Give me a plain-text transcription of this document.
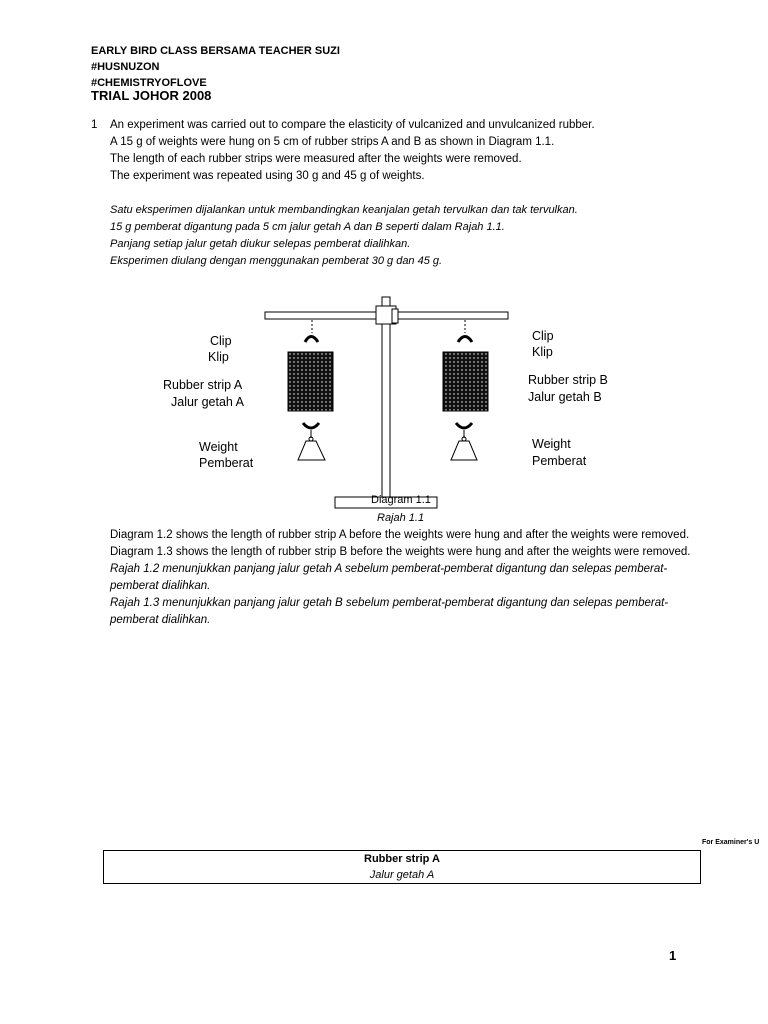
EARLY BIRD CLASS BERSAMA TEACHER SUZI
#HUSNUZON
#CHEMISTRYOFLOVE
TRIAL JOHOR 2008
1 An experiment was carried out to compare the elasticity of vulcanized and unvulcanized rubber.
A 15 g of weights were hung on 5 cm of rubber strips A and B as shown in Diagram 1.1.
The length of each rubber strips were measured after the weights were removed.
The experiment was repeated using 30 g and 45 g of weights.
Satu eksperimen dijalankan untuk membandingkan keanjalan getah tervulkan dan tak tervulkan.
15 g pemberat digantung pada 5 cm jalur getah A dan B seperti dalam Rajah 1.1.
Panjang setiap jalur getah diukur selepas pemberat dialihkan.
Eksperimen diulang dengan menggunakan pemberat 30 g dan 45 g.
Clip
Klip
Rubber strip A
Jalur getah A
Weight
Pemberat
Clip
Klip
Rubber strip B
Jalur getah B
Weight
Pemberat
Diagram 1.1
Rajah 1.1

Diagram 1.2 shows the length of rubber strip A before the weights were hung and after the weights were removed.

Diagram 1.3 shows the length of rubber strip B before the weights were hung and after the weights were removed.

Rajah 1.2 menunjukkan panjang jalur getah A sebelum pemberat-pemberat digantung dan selepas pemberat-pemberat dialihkan.

Rajah 1.3 menunjukkan panjang jalur getah B sebelum pemberat-pemberat digantung dan selepas pemberat-pemberat dialihkan.

For Examiner's U
Rubber strip A
Jalur getah A
1
